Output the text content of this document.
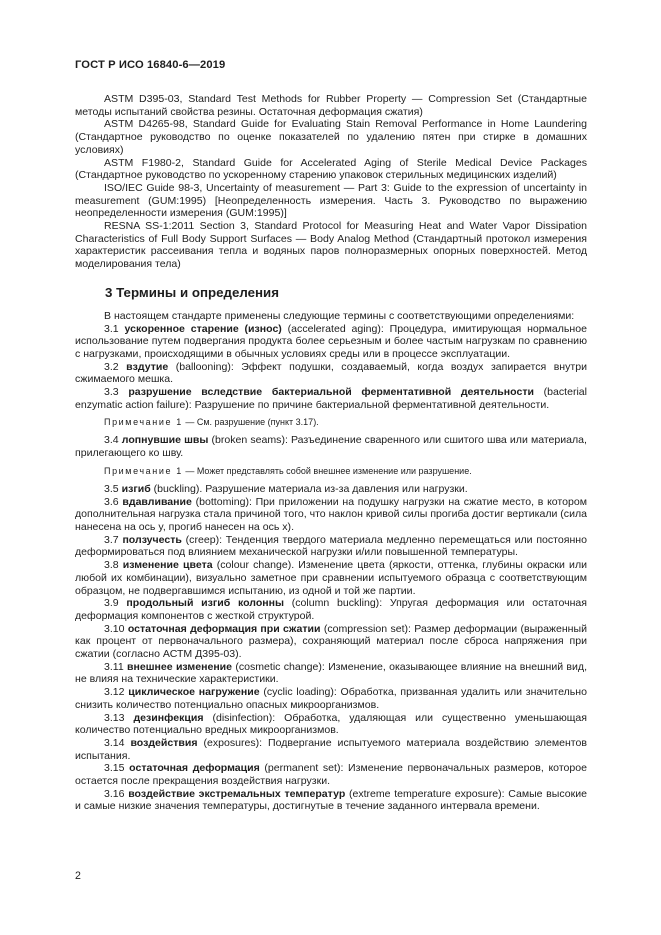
ГОСТ Р ИСО 16840-6—2019

ASTM D395-03, Standard Test Methods for Rubber Property — Compression Set (Стандартные методы испытаний свойства резины. Остаточная деформация сжатия)

ASTM D4265-98, Standard Guide for Evaluating Stain Removal Performance in Home Laundering (Стандартное руководство по оценке показателей по удалению пятен при стирке в домашних условиях)

ASTM F1980-2, Standard Guide for Accelerated Aging of Sterile Medical Device Packages (Стандартное руководство по ускоренному старению упаковок стерильных медицинских изделий)

ISO/IEC Guide 98-3, Uncertainty of measurement — Part 3: Guide to the expression of uncertainty in measurement (GUM:1995) [Неопределенность измерения. Часть 3. Руководство по выражению неопределенности измерения (GUM:1995)]

RESNA SS-1:2011 Section 3, Standard Protocol for Measuring Heat and Water Vapor Dissipation Characteristics of Full Body Support Surfaces — Body Analog Method (Стандартный протокол измерения характеристик рассеивания тепла и водяных паров полноразмерных опорных поверхностей. Метод моделирования тела)

3 Термины и определения

В настоящем стандарте применены следующие термины с соответствующими определениями:

3.1 ускоренное старение (износ) (accelerated aging): Процедура, имитирующая нормальное использование путем подвергания продукта более серьезным и более частым нагрузкам по сравнению с нагрузками, происходящими в обычных условиях среды или в процессе эксплуатации.

3.2 вздутие (ballooning): Эффект подушки, создаваемый, когда воздух запирается внутри сжимаемого мешка.

3.3 разрушение вследствие бактериальной ферментативной деятельности (bacterial enzymatic action failure): Разрушение по причине бактериальной ферментативной деятельности.

Примечание 1 — См. разрушение (пункт 3.17).

3.4 лопнувшие швы (broken seams): Разъединение сваренного или сшитого шва или материала, прилегающего ко шву.

Примечание 1 — Может представлять собой внешнее изменение или разрушение.

3.5 изгиб (buckling). Разрушение материала из-за давления или нагрузки.

3.6 вдавливание (bottoming): При приложении на подушку нагрузки на сжатие место, в котором дополнительная нагрузка стала причиной того, что наклон кривой силы прогиба достиг вертикали (сила нанесена на ось y, прогиб нанесен на ось x).

3.7 ползучесть (creep): Тенденция твердого материала медленно перемещаться или постоянно деформироваться под влиянием механической нагрузки и/или повышенной температуры.

3.8 изменение цвета (colour change). Изменение цвета (яркости, оттенка, глубины окраски или любой их комбинации), визуально заметное при сравнении испытуемого образца с соответствующим образцом, не подвергавшимся испытанию, из одной и той же партии.

3.9 продольный изгиб колонны (column buckling): Упругая деформация или остаточная деформация компонентов с жесткой структурой.

3.10 остаточная деформация при сжатии (compression set): Размер деформации (выраженный как процент от первоначального размера), сохраняющий материал после сброса напряжения при сжатии (согласно АСТМ Д395-03).

3.11 внешнее изменение (cosmetic change): Изменение, оказывающее влияние на внешний вид, не влияя на технические характеристики.

3.12 циклическое нагружение (cyclic loading): Обработка, призванная удалить или значительно снизить количество потенциально опасных микроорганизмов.

3.13 дезинфекция (disinfection): Обработка, удаляющая или существенно уменьшающая количество потенциально вредных микроорганизмов.

3.14 воздействия (exposures): Подвергание испытуемого материала воздействию элементов испытания.

3.15 остаточная деформация (permanent set): Изменение первоначальных размеров, которое остается после прекращения воздействия нагрузки.

3.16 воздействие экстремальных температур (extreme temperature exposure): Самые высокие и самые низкие значения температуры, достигнутые в течение заданного интервала времени.

2
